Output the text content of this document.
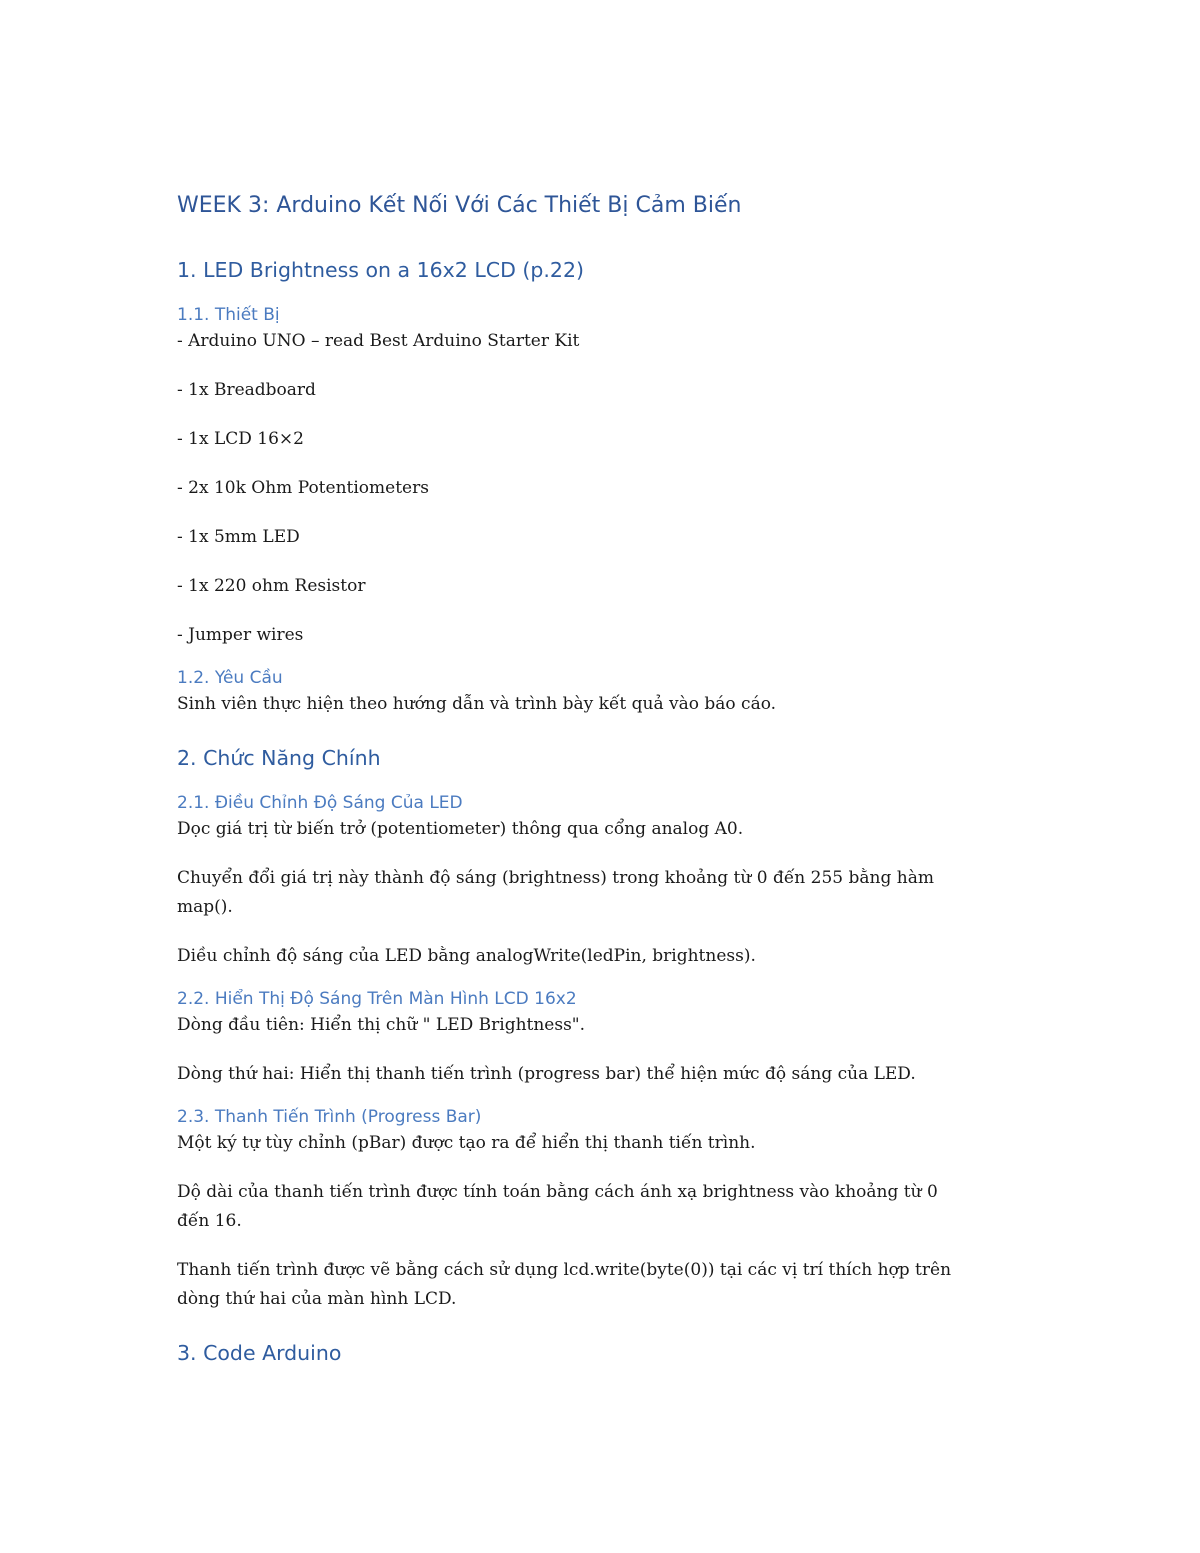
WEEK 3: Arduino Kết Nối Với Các Thiết Bị Cảm Biến
1. LED Brightness on a 16x2 LCD (p.22)
1.1. Thiết Bị
- Arduino UNO – read Best Arduino Starter Kit
- 1x Breadboard
- 1x LCD 16×2
- 2x 10k Ohm Potentiometers
- 1x 5mm LED
- 1x 220 ohm Resistor
- Jumper wires
1.2. Yêu Cầu
Sinh viên thực hiện theo hướng dẫn và trình bày kết quả vào báo cáo.
2. Chức Năng Chính
2.1. Điều Chỉnh Độ Sáng Của LED
Dọc giá trị từ biến trở (potentiometer) thông qua cổng analog A0.
Chuyển đổi giá trị này thành độ sáng (brightness) trong khoảng từ 0 đến 255 bằng hàm
map().
Diều chỉnh độ sáng của LED bằng analogWrite(ledPin, brightness).
2.2. Hiển Thị Độ Sáng Trên Màn Hình LCD 16x2
Dòng đầu tiên: Hiển thị chữ " LED Brightness".
Dòng thứ hai: Hiển thị thanh tiến trình (progress bar) thể hiện mức độ sáng của LED.
2.3. Thanh Tiến Trình (Progress Bar)
Một ký tự tùy chỉnh (pBar) được tạo ra để hiển thị thanh tiến trình.
Dộ dài của thanh tiến trình được tính toán bằng cách ánh xạ brightness vào khoảng từ 0
đến 16.
Thanh tiến trình được vẽ bằng cách sử dụng lcd.write(byte(0)) tại các vị trí thích hợp trên
dòng thứ hai của màn hình LCD.
3. Code Arduino
